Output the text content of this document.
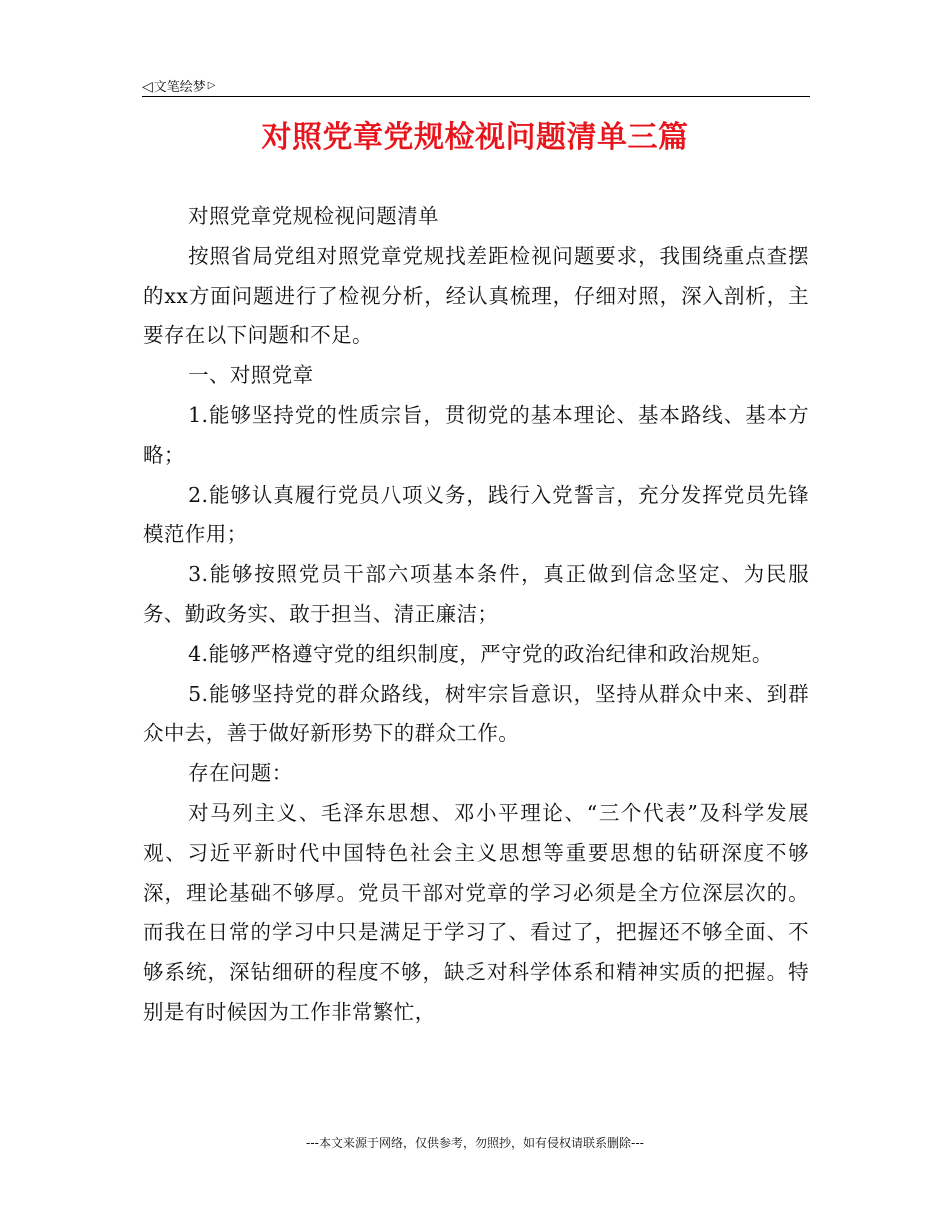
◁文笔绘梦 ▷
对照党章党规检视问题清单三篇

对照党章党规检视问题清单

按照省局党组对照党章党规找差距检视问题要求，我围绕重点查摆的xx方面问题进行了检视分析，经认真梳理，仔细对照，深入剖析，主要存在以下问题和不足。

一、对照党章

1.能够坚持党的性质宗旨，贯彻党的基本理论、基本路线、基本方略；

2.能够认真履行党员八项义务，践行入党誓言，充分发挥党员先锋模范作用；

3.能够按照党员干部六项基本条件，真正做到信念坚定、为民服务、勤政务实、敢于担当、清正廉洁；

4.能够严格遵守党的组织制度，严守党的政治纪律和政治规矩。

5.能够坚持党的群众路线，树牢宗旨意识，坚持从群众中来、到群众中去，善于做好新形势下的群众工作。

存在问题：

对马列主义、毛泽东思想、邓小平理论、“三个代表”及科学发展观、习近平新时代中国特色社会主义思想等重要思想的钻研深度不够深，理论基础不够厚。党员干部对党章的学习必须是全方位深层次的。而我在日常的学习中只是满足于学习了、看过了，把握还不够全面、不够系统，深钻细研的程度不够，缺乏对科学体系和精神实质的把握。特别是有时候因为工作非常繁忙，

---本文来源于网络，仅供参考，勿照抄，如有侵权请联系删除---
